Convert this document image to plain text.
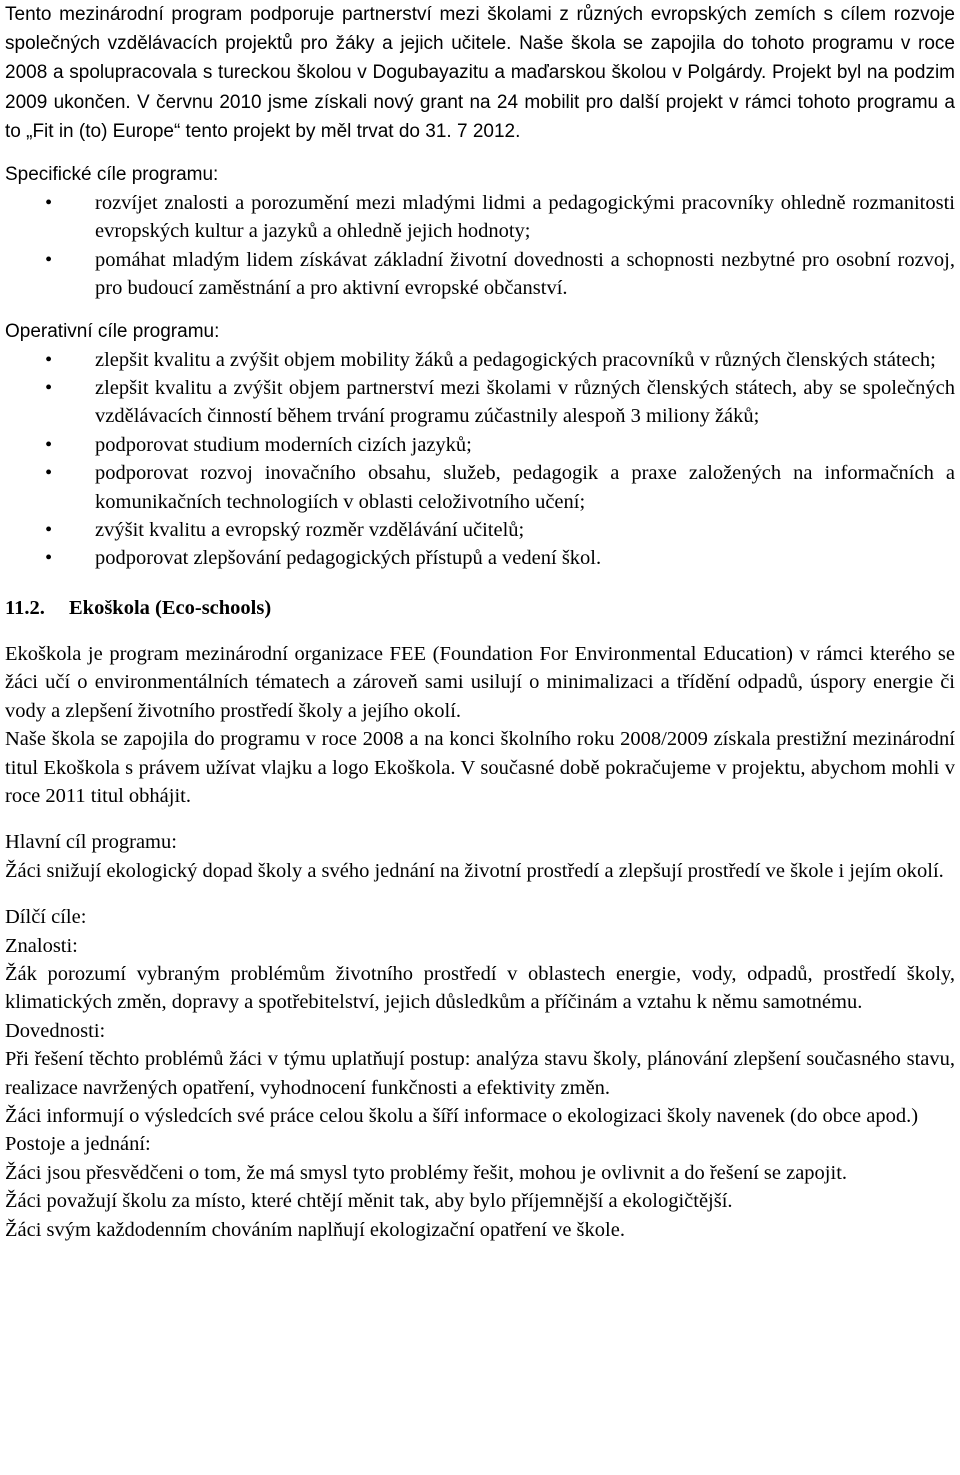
Tento mezinárodní program podporuje partnerství mezi školami z různých evropských zemích s cílem rozvoje společných vzdělávacích projektů pro žáky a jejich učitele. Naše škola se zapojila do tohoto programu v roce 2008 a spolupracovala s tureckou školou v Dogubayazitu a maďarskou školou v Polgárdy. Projekt byl na podzim 2009 ukončen. V červnu 2010 jsme získali nový grant na 24 mobilit pro další projekt v rámci tohoto programu a to „Fit in (to) Europe“ tento projekt by měl trvat do 31. 7 2012.

Specifické cíle programu:

• rozvíjet znalosti a porozumění mezi mladými lidmi a pedagogickými pracovníky ohledně rozmanitosti evropských kultur a jazyků a ohledně jejich hodnoty;
• pomáhat mladým lidem získávat základní životní dovednosti a schopnosti nezbytné pro osobní rozvoj, pro budoucí zaměstnání a pro aktivní evropské občanství.

Operativní cíle programu:

• zlepšit kvalitu a zvýšit objem mobility žáků a pedagogických pracovníků v různých členských státech;
• zlepšit kvalitu a zvýšit objem partnerství mezi školami v různých členských státech, aby se společných vzdělávacích činností během trvání programu zúčastnily alespoň 3 miliony žáků;
• podporovat studium moderních cizích jazyků;
• podporovat rozvoj inovačního obsahu, služeb, pedagogik a praxe založených na informačních a komunikačních technologiích v oblasti celoživotního učení;
• zvýšit kvalitu a evropský rozměr vzdělávání učitelů;
• podporovat zlepšování pedagogických přístupů a vedení škol.

11.2. Ekoškola (Eco-schools)

Ekoškola je program mezinárodní organizace FEE (Foundation For Environmental Education) v rámci kterého se žáci učí o environmentálních tématech a zároveň sami usilují o minimalizaci a třídění odpadů, úspory energie či vody a zlepšení životního prostředí školy a jejího okolí.

Naše škola se zapojila do programu v roce 2008 a na konci školního roku 2008/2009 získala prestižní mezinárodní titul Ekoškola s právem užívat vlajku a logo Ekoškola. V současné době pokračujeme v projektu, abychom mohli v roce 2011 titul obhájit.

Hlavní cíl programu:

Žáci snižují ekologický dopad školy a svého jednání na životní prostředí a zlepšují prostředí ve škole i jejím okolí.

Dílčí cíle:

Znalosti:

Žák porozumí vybraným problémům životního prostředí v oblastech energie, vody, odpadů, prostředí školy, klimatických změn, dopravy a spotřebitelství, jejich důsledkům a příčinám a vztahu k němu samotnému.

Dovednosti:

Při řešení těchto problémů žáci v týmu uplatňují postup: analýza stavu školy, plánování zlepšení současného stavu, realizace navržených opatření, vyhodnocení funkčnosti a efektivity změn.

Žáci informují o výsledcích své práce celou školu a šíří informace o ekologizaci školy navenek (do obce apod.)

Postoje a jednání:

Žáci jsou přesvědčeni o tom, že má smysl tyto problémy řešit, mohou je ovlivnit a do řešení se zapojit.

Žáci považují školu za místo, které chtějí měnit tak, aby bylo příjemnější a ekologičtější.

Žáci svým každodenním chováním naplňují ekologizační opatření ve škole.
